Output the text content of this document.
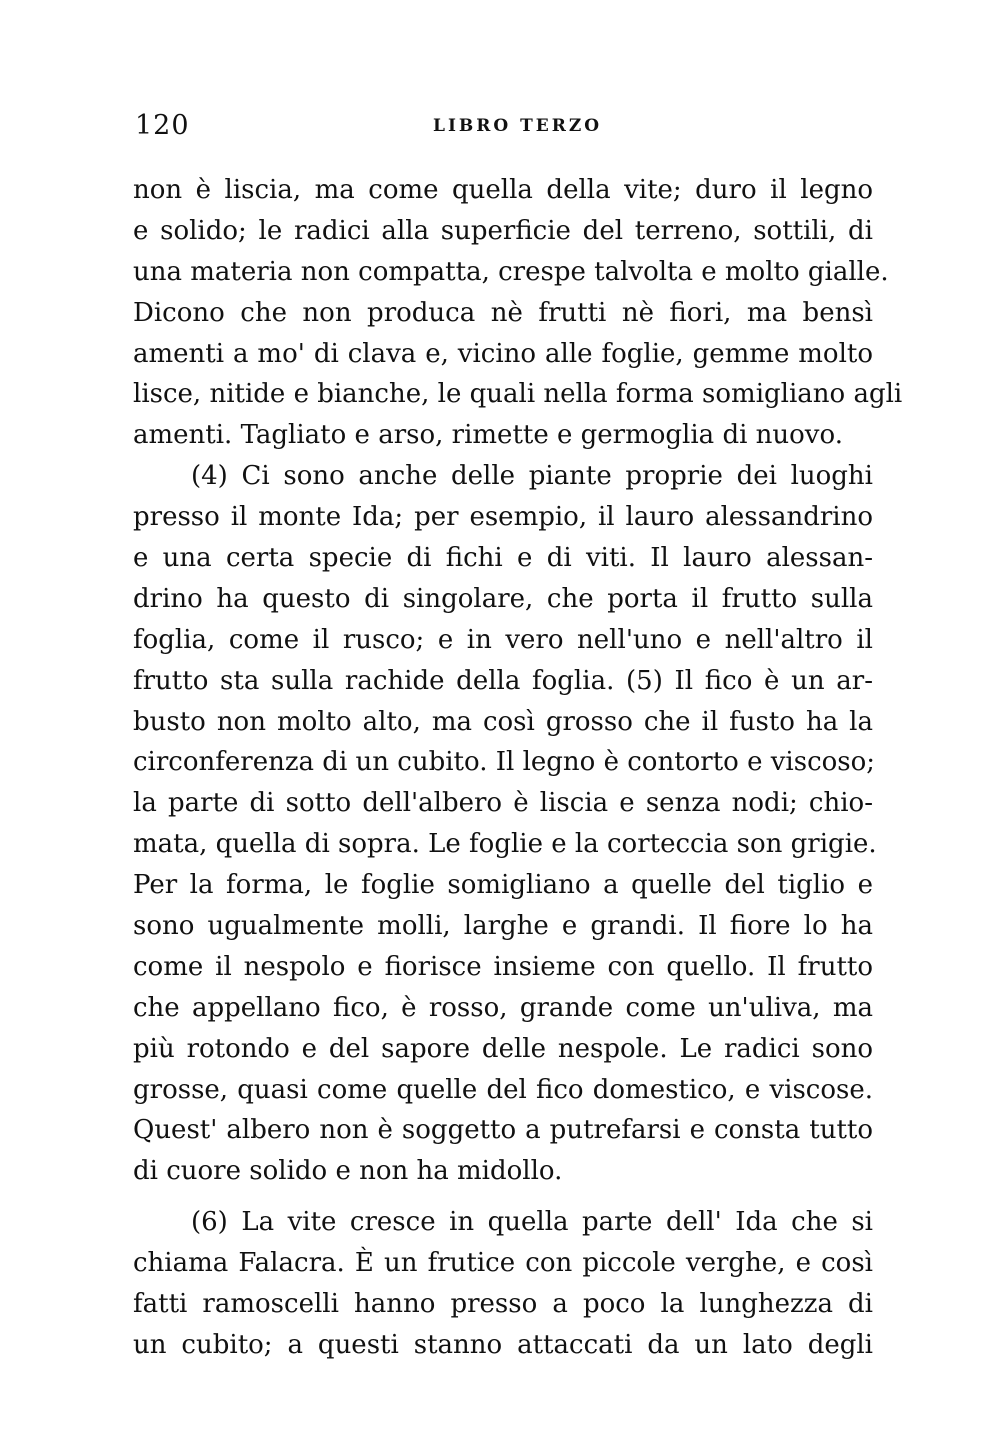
120	LIBRO TERZO
non è liscia, ma come quella della vite; duro il legno
e solido; le radici alla superficie del terreno, sottili, di
una materia non compatta, crespe talvolta e molto gialle.
Dicono che non produca nè frutti nè fiori, ma bensì
amenti a mo' di clava e, vicino alle foglie, gemme molto
lisce, nitide e bianche, le quali nella forma somigliano agli
amenti. Tagliato e arso, rimette e germoglia di nuovo.
(4) Ci sono anche delle piante proprie dei luoghi
presso il monte Ida; per esempio, il lauro alessandrino
e una certa specie di fichi e di viti. Il lauro alessan-
drino ha questo di singolare, che porta il frutto sulla
foglia, come il rusco; e in vero nell'uno e nell'altro il
frutto sta sulla rachide della foglia. (5) Il fico è un ar-
busto non molto alto, ma così grosso che il fusto ha la
circonferenza di un cubito. Il legno è contorto e viscoso;
la parte di sotto dell'albero è liscia e senza nodi; chio-
mata, quella di sopra. Le foglie e la corteccia son grigie.
Per la forma, le foglie somigliano a quelle del tiglio e
sono ugualmente molli, larghe e grandi. Il fiore lo ha
come il nespolo e fiorisce insieme con quello. Il frutto
che appellano fico, è rosso, grande come un'uliva, ma
più rotondo e del sapore delle nespole. Le radici sono
grosse, quasi come quelle del fico domestico, e viscose.
Quest' albero non è soggetto a putrefarsi e consta tutto
di cuore solido e non ha midollo.
(6) La vite cresce in quella parte dell' Ida che si
chiama Falacra. È un frutice con piccole verghe, e così
fatti ramoscelli hanno presso a poco la lunghezza di
un cubito; a questi stanno attaccati da un lato degli
